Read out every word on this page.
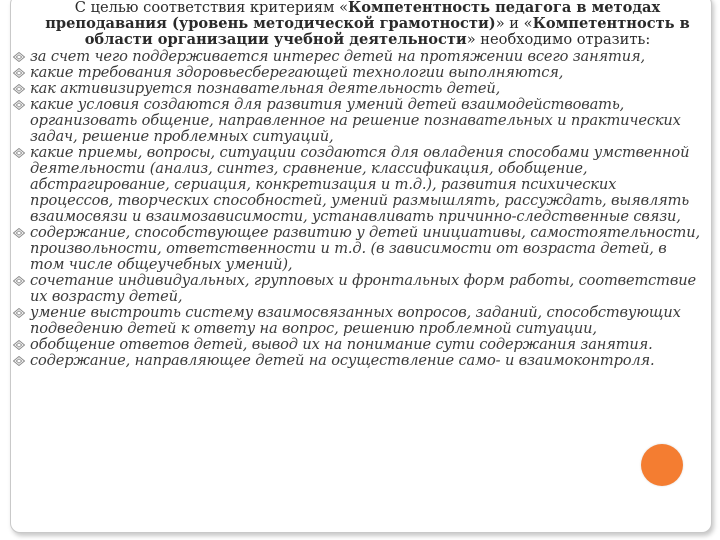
С целью соответствия критериям «Компетентность педагога в методах преподавания (уровень методической грамотности)» и «Компетентность в области организации учебной деятельности» необходимо отразить:

за счет чего поддерживается интерес детей на протяжении всего занятия,
какие требования здоровьесберегающей технологии выполняются,
как активизируется познавательная деятельность детей,
какие условия создаются для развития умений детей взаимодействовать, организовать общение, направленное на решение познавательных и практических задач, решение проблемных ситуаций,
какие приемы, вопросы, ситуации создаются для овладения способами умственной деятельности (анализ, синтез, сравнение, классификация, обобщение, абстрагирование, сериация, конкретизация и т.д.), развития психических процессов, творческих способностей, умений размышлять, рассуждать, выявлять взаимосвязи и взаимозависимости, устанавливать причинно-следственные связи,
содержание, способствующее развитию у детей инициативы, самостоятельности, произвольности, ответственности и т.д. (в зависимости от возраста детей, в том числе общеучебных умений),
сочетание индивидуальных, групповых и фронтальных форм работы, соответствие их возрасту детей,
умение выстроить систему взаимосвязанных вопросов, заданий, способствующих подведению детей к ответу на вопрос, решению проблемной ситуации,
обобщение ответов детей, вывод их на понимание сути содержания занятия.
содержание, направляющее детей на осуществление само- и взаимоконтроля.
